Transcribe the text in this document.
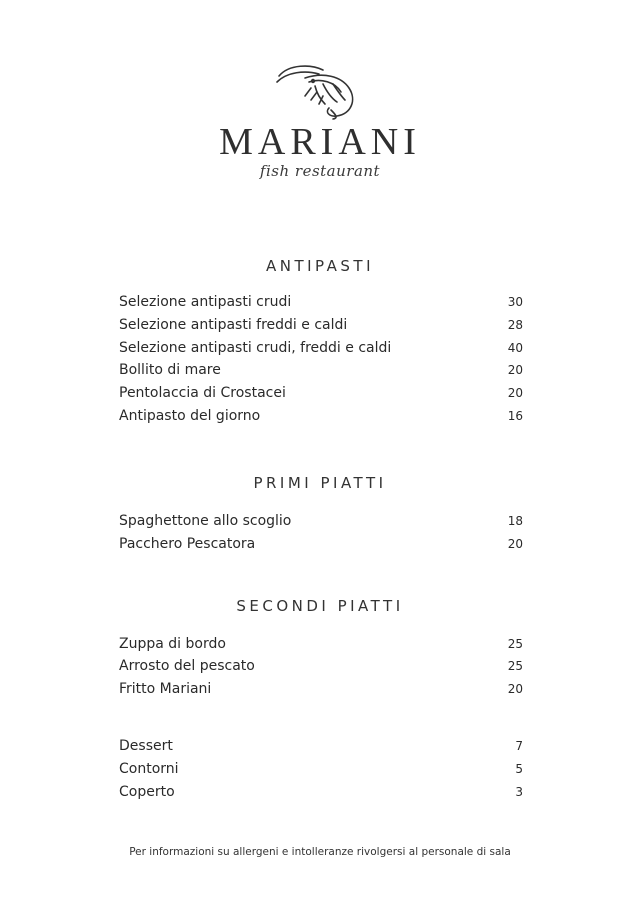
MARIANI
fish restaurant
ANTIPASTI
Selezione antipasti crudi	30
Selezione antipasti freddi e caldi	28
Selezione antipasti crudi, freddi e caldi	40
Bollito di mare	20
Pentolaccia di Crostacei	20
Antipasto del giorno	16
PRIMI PIATTI
Spaghettone allo scoglio	18
Pacchero Pescatora	20
SECONDI PIATTI
Zuppa di bordo	25
Arrosto del pescato	25
Fritto Mariani	20
Dessert	7
Contorni	5
Coperto	3
Per informazioni su allergeni e intolleranze rivolgersi al personale di sala
